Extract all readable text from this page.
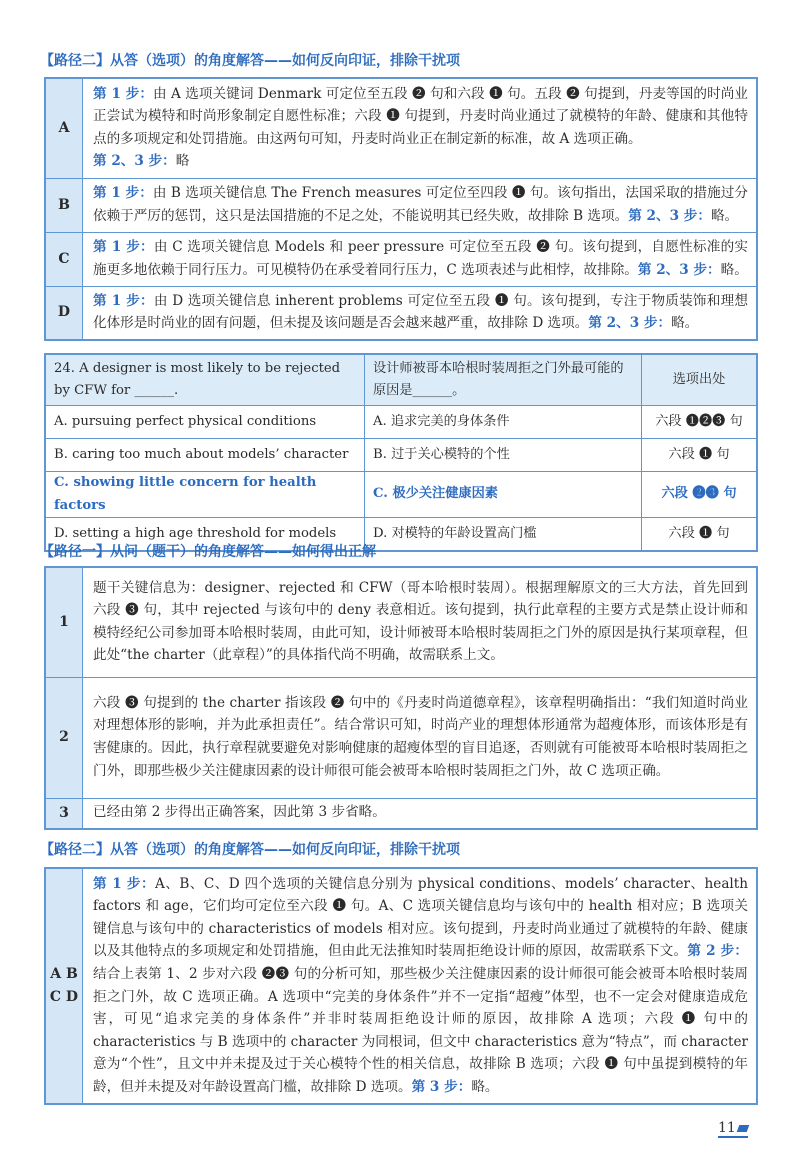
【路径二】从答（选项）的角度解答——如何反向印证，排除干扰项
A	第 1 步：由 A 选项关键词 Denmark 可定位至五段 ❷ 句和六段 ❶ 句。五段 ❷ 句提到，丹麦等国的时尚业正尝试为模特和时尚形象制定自愿性标准；六段 ❶ 句提到，丹麦时尚业通过了就模特的年龄、健康和其他特点的多项规定和处罚措施。由这两句可知，丹麦时尚业正在制定新的标准，故 A 选项正确。
第 2、3 步：略
B	第 1 步：由 B 选项关键信息 The French measures 可定位至四段 ❶ 句。该句指出，法国采取的措施过分依赖于严厉的惩罚，这只是法国措施的不足之处，不能说明其已经失败，故排除 B 选项。第 2、3 步：略。
C	第 1 步：由 C 选项关键信息 Models 和 peer pressure 可定位至五段 ❷ 句。该句提到，自愿性标准的实施更多地依赖于同行压力。可见模特仍在承受着同行压力，C 选项表述与此相悖，故排除。第 2、3 步：略。
D	第 1 步：由 D 选项关键信息 inherent problems 可定位至五段 ❶ 句。该句提到，专注于物质装饰和理想化体形是时尚业的固有问题，但未提及该问题是否会越来越严重，故排除 D 选项。第 2、3 步：略。
24. A designer is most likely to be rejected by CFW for ______.	设计师被哥本哈根时装周拒之门外最可能的原因是______。	选项出处
A. pursuing perfect physical conditions	A. 追求完美的身体条件	六段 ❶❷❸ 句
B. caring too much about models’ character	B. 过于关心模特的个性	六段 ❶ 句
C. showing little concern for health factors	C. 极少关注健康因素	六段 ❷❸ 句
D. setting a high age threshold for models	D. 对模特的年龄设置高门槛	六段 ❶ 句
【路径一】从问（题干）的角度解答——如何得出正解
1	题干关键信息为：designer、rejected 和 CFW（哥本哈根时装周）。根据理解原文的三大方法，首先回到六段 ❸ 句，其中 rejected 与该句中的 deny 表意相近。该句提到，执行此章程的主要方式是禁止设计师和模特经纪公司参加哥本哈根时装周，由此可知，设计师被哥本哈根时装周拒之门外的原因是执行某项章程，但此处“the charter（此章程）”的具体指代尚不明确，故需联系上文。
2	六段 ❸ 句提到的 the charter 指该段 ❷ 句中的《丹麦时尚道德章程》，该章程明确指出：“我们知道时尚业对理想体形的影响，并为此承担责任”。结合常识可知，时尚产业的理想体形通常为超瘦体形，而该体形是有害健康的。因此，执行章程就要避免对影响健康的超瘦体型的盲目追逐，否则就有可能被哥本哈根时装周拒之门外，即那些极少关注健康因素的设计师很可能会被哥本哈根时装周拒之门外，故 C 选项正确。
3	已经由第 2 步得出正确答案，因此第 3 步省略。
【路径二】从答（选项）的角度解答——如何反向印证，排除干扰项
A B C D	第 1 步：A、B、C、D 四个选项的关键信息分别为 physical conditions、models’ character、health factors 和 age，它们均可定位至六段 ❶ 句。A、C 选项关键信息均与该句中的 health 相对应；B 选项关键信息与该句中的 characteristics of models 相对应。该句提到，丹麦时尚业通过了就模特的年龄、健康以及其他特点的多项规定和处罚措施，但由此无法推知时装周拒绝设计师的原因，故需联系下文。第 2 步：结合上表第 1、2 步对六段 ❷❸ 句的分析可知，那些极少关注健康因素的设计师很可能会被哥本哈根时装周拒之门外，故 C 选项正确。A 选项中“完美的身体条件”并不一定指“超瘦”体型，也不一定会对健康造成危害，可见“追求完美的身体条件”并非时装周拒绝设计师的原因，故排除 A 选项；六段 ❶ 句中的 characteristics 与 B 选项中的 character 为同根词，但文中 characteristics 意为“特点”，而 character 意为“个性”，且文中并未提及过于关心模特个性的相关信息，故排除 B 选项；六段 ❶ 句中虽提到模特的年龄，但并未提及对年龄设置高门槛，故排除 D 选项。第 3 步：略。
11
